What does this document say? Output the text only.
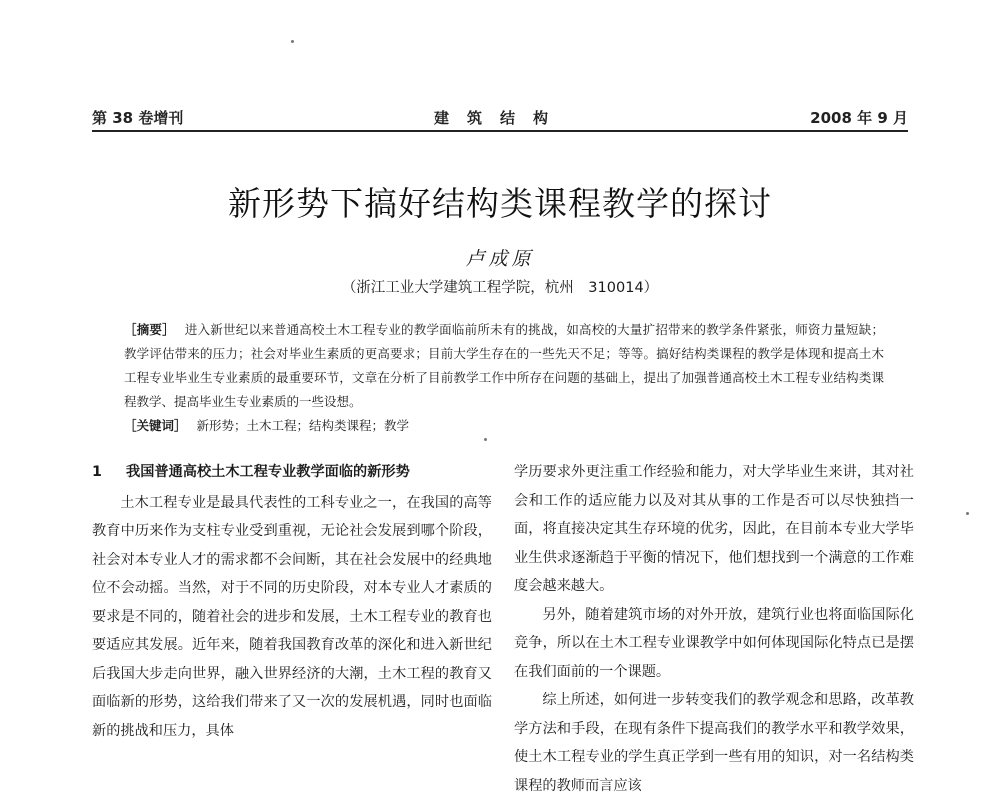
第 38 卷增刊	建筑结构	2008 年 9 月
新形势下搞好结构类课程教学的探讨
卢成原
（浙江工业大学建筑工程学院，杭州　310014）

［摘要］ 进入新世纪以来普通高校土木工程专业的教学面临前所未有的挑战，如高校的大量扩招带来的教学条件紧张，师资力量短缺；教学评估带来的压力；社会对毕业生素质的更高要求；目前大学生存在的一些先天不足；等等。搞好结构类课程的教学是体现和提高土木工程专业毕业生专业素质的最重要环节，文章在分析了目前教学工作中所存在问题的基础上，提出了加强普通高校土木工程专业结构类课程教学、提高毕业生专业素质的一些设想。

［关键词］ 新形势；土木工程；结构类课程；教学

1 我国普通高校土木工程专业教学面临的新形势

土木工程专业是最具代表性的工科专业之一，在我国的高等教育中历来作为支柱专业受到重视，无论社会发展到哪个阶段，社会对本专业人才的需求都不会间断，其在社会发展中的经典地位不会动摇。当然，对于不同的历史阶段，对本专业人才素质的要求是不同的，随着社会的进步和发展，土木工程专业的教育也要适应其发展。近年来，随着我国教育改革的深化和进入新世纪后我国大步走向世界，融入世界经济的大潮，土木工程的教育又面临新的形势，这给我们带来了又一次的发展机遇，同时也面临新的挑战和压力，具体

学历要求外更注重工作经验和能力，对大学毕业生来讲，其对社会和工作的适应能力以及对其从事的工作是否可以尽快独挡一面，将直接决定其生存环境的优劣，因此，在目前本专业大学毕业生供求逐渐趋于平衡的情况下，他们想找到一个满意的工作难度会越来越大。

另外，随着建筑市场的对外开放，建筑行业也将面临国际化竞争，所以在土木工程专业课教学中如何体现国际化特点已是摆在我们面前的一个课题。

综上所述，如何进一步转变我们的教学观念和思路，改革教学方法和手段，在现有条件下提高我们的教学水平和教学效果，使土木工程专业的学生真正学到一些有用的知识，对一名结构类课程的教师而言应该
